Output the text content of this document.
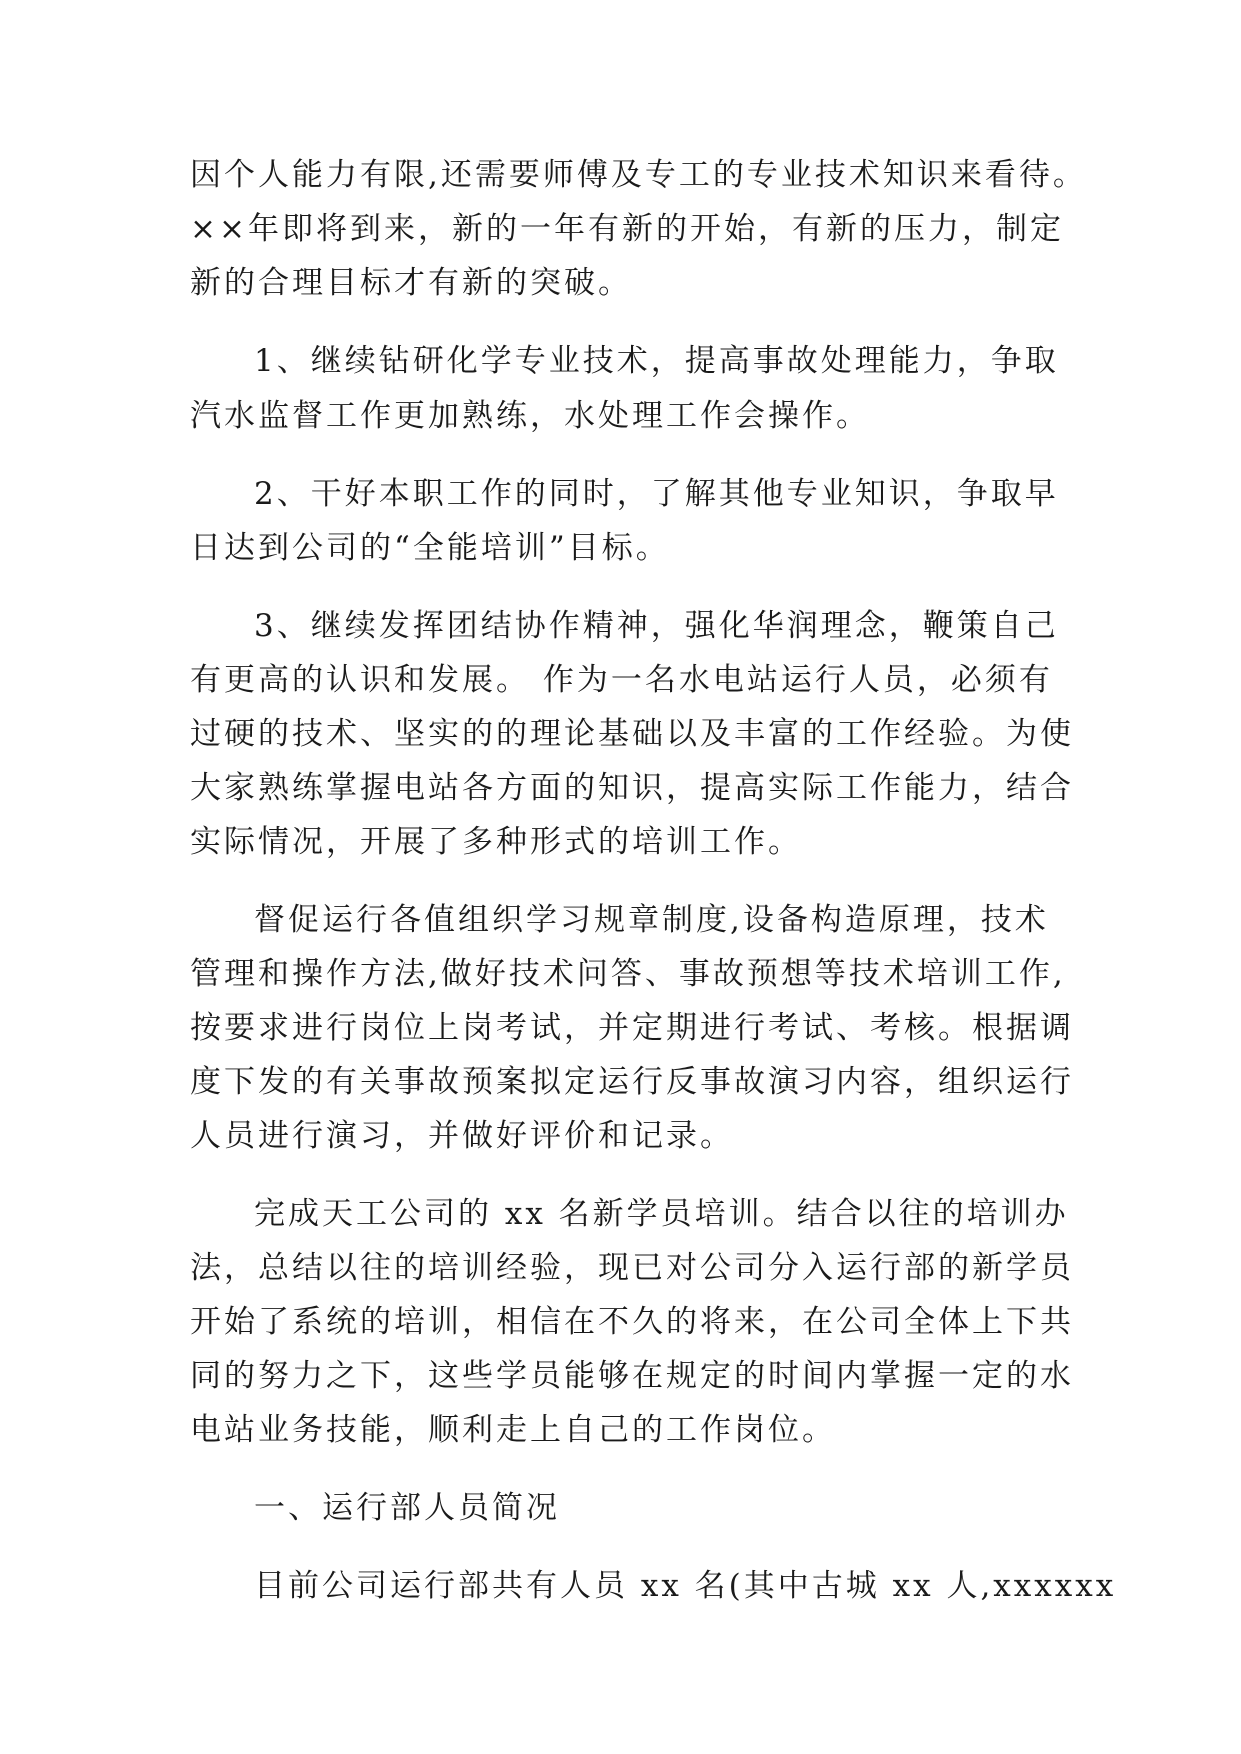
因个人能力有限,还需要师傅及专工的专业技术知识来看待。
××年即将到来，新的一年有新的开始，有新的压力，制定
新的合理目标才有新的突破。
1、继续钻研化学专业技术，提高事故处理能力，争取
汽水监督工作更加熟练，水处理工作会操作。
2、干好本职工作的同时，了解其他专业知识，争取早
日达到公司的“全能培训”目标。
3、继续发挥团结协作精神，强化华润理念，鞭策自己
有更高的认识和发展。 作为一名水电站运行人员，必须有
过硬的技术、坚实的的理论基础以及丰富的工作经验。为使
大家熟练掌握电站各方面的知识，提高实际工作能力，结合
实际情况，开展了多种形式的培训工作。
督促运行各值组织学习规章制度,设备构造原理，技术
管理和操作方法,做好技术问答、事故预想等技术培训工作,
按要求进行岗位上岗考试，并定期进行考试、考核。根据调
度下发的有关事故预案拟定运行反事故演习内容，组织运行
人员进行演习，并做好评价和记录。
完成天工公司的 xx 名新学员培训。结合以往的培训办
法，总结以往的培训经验，现已对公司分入运行部的新学员
开始了系统的培训，相信在不久的将来，在公司全体上下共
同的努力之下，这些学员能够在规定的时间内掌握一定的水
电站业务技能，顺利走上自己的工作岗位。
一、运行部人员简况
目前公司运行部共有人员 xx 名(其中古城 xx 人,xxxxxx
